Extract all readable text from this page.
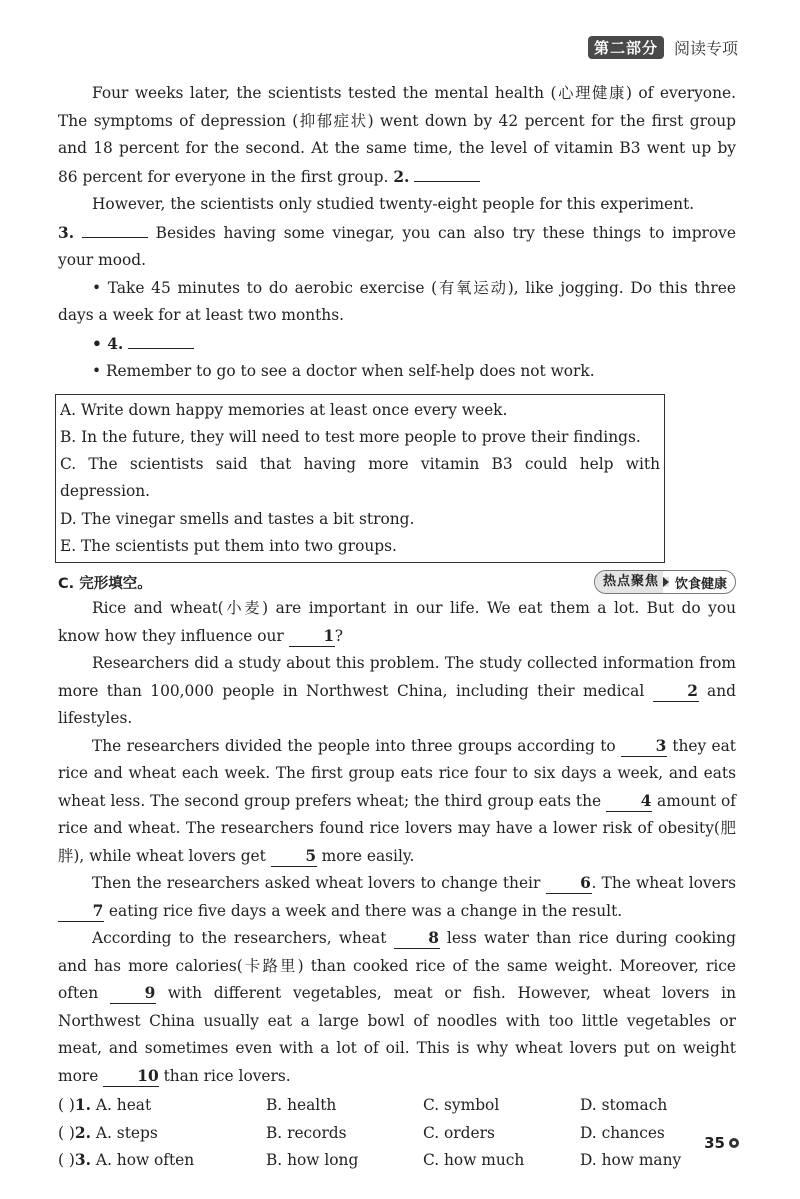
第二部分	阅读专项

Four weeks later, the scientists tested the mental health (心理健康) of everyone. The symptoms of depression (抑郁症状) went down by 42 percent for the first group and 18 percent for the second. At the same time, the level of vitamin B3 went up by 86 percent for everyone in the first group. 2.

However, the scientists only studied twenty-eight people for this experiment.

3.	Besides having some vinegar, you can also try these things to improve your mood.

• Take 45 minutes to do aerobic exercise (有氧运动), like jogging. Do this three days a week for at least two months.

• 4.

• Remember to go to see a doctor when self-help does not work.

A. Write down happy memories at least once every week.

B. In the future, they will need to test more people to prove their findings.

C. The scientists said that having more vitamin B3 could help with depression.

D. The vinegar smells and tastes a bit strong.

E. The scientists put them into two groups.

C. 完形填空。	热点聚焦	饮食健康

Rice and wheat(小麦) are important in our life. We eat them a lot. But do you know how they influence our	1?

Researchers did a study about this problem. The study collected information from more than 100,000 people in Northwest China, including their medical	2 and lifestyles.

The researchers divided the people into three groups according to	3 they eat rice and wheat each week. The first group eats rice four to six days a week, and eats wheat less. The second group prefers wheat; the third group eats the	4 amount of rice and wheat. The researchers found rice lovers may have a lower risk of obesity(肥胖), while wheat lovers get	5 more easily.

Then the researchers asked wheat lovers to change their	6. The wheat lovers 7 eating rice five days a week and there was a change in the result.

According to the researchers, wheat	8 less water than rice during cooking and has more calories(卡路里) than cooked rice of the same weight. Moreover, rice often	9 with different vegetables, meat or fish. However, wheat lovers in Northwest China usually eat a large bowl of noodles with too little vegetables or meat, and sometimes even with a lot of oil. This is why wheat lovers put on weight more	10 than rice lovers.

( )1. A. heat	B. health	C. symbol	D. stomach
( )2. A. steps	B. records	C. orders	D. chances
( )3. A. how often	B. how long	C. how much	D. how many
35
